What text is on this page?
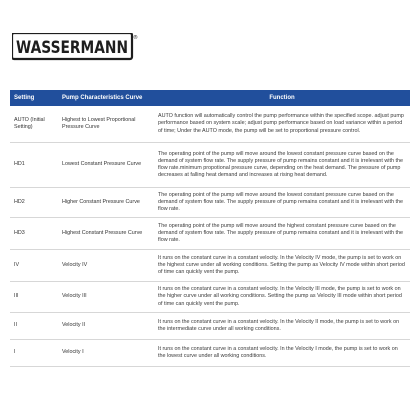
WASSERMANN ®
Setting	Pump Characteristics Curve	Function
AUTO (Initial Setting)	Highest to Lowest Proportional Pressure Curve	AUTO function will automatically control the pump performance within the specified scope. adjust pump performance based on system scale; adjust pump performance based on load variance within a period of time; Under the AUTO mode, the pump will be set to proportional pressure control.
HD1	Lowest Constant Pressure Curve	The operating point of the pump will move around the lowest constant pressure curve based on the demand of system flow rate. The supply pressure of pump remains constant and it is irrelevant with the flow rate.minimum propotional pressure curve, depending on the heat demand. The pressure of pump decreases at falling heat demand and increases at rising heat demand.
HD2	Higher Constant Pressure Curve	The operating point of the pump will move around the lowest constant pressure curve based on the demand of system flow rate. The supply pressure of pump remains constant and it is irrelevant with the flow rate.
HD3	Highest Constant Pressure Curve	The operating point of the pump will move around the highest constant pressure curve based on the demand of system flow rate. The supply pressure of pump remains constant and it is irrelevant with the flow rate.
IV	Velocity IV	It runs on the constant curve in a constant velocity. In the Velocity IV mode, the pump is set to work on the highest curve under all working conditions. Setting the pump as Velocity IV mode within short period of time can quickly vent the pump.
III	Velocity III	It runs on the constant curve in a constant velocity. In the Velocity III mode, the pump is set to work on the higher curve under all working conditions. Setting the pump as Velocity III mode within short period of time can quickly vent the pump.
II	Velocity II	It runs on the constant curve in a constant velocity. In the Velocity II mode, the pump is set to work on the intermediate curve under all working conditions.
I	Velocity Ⅰ	It runs on the constant curve in a constant velocity. In the Velocity Ⅰ mode, the pump is set to work on the lowest curve under all working conditions.
